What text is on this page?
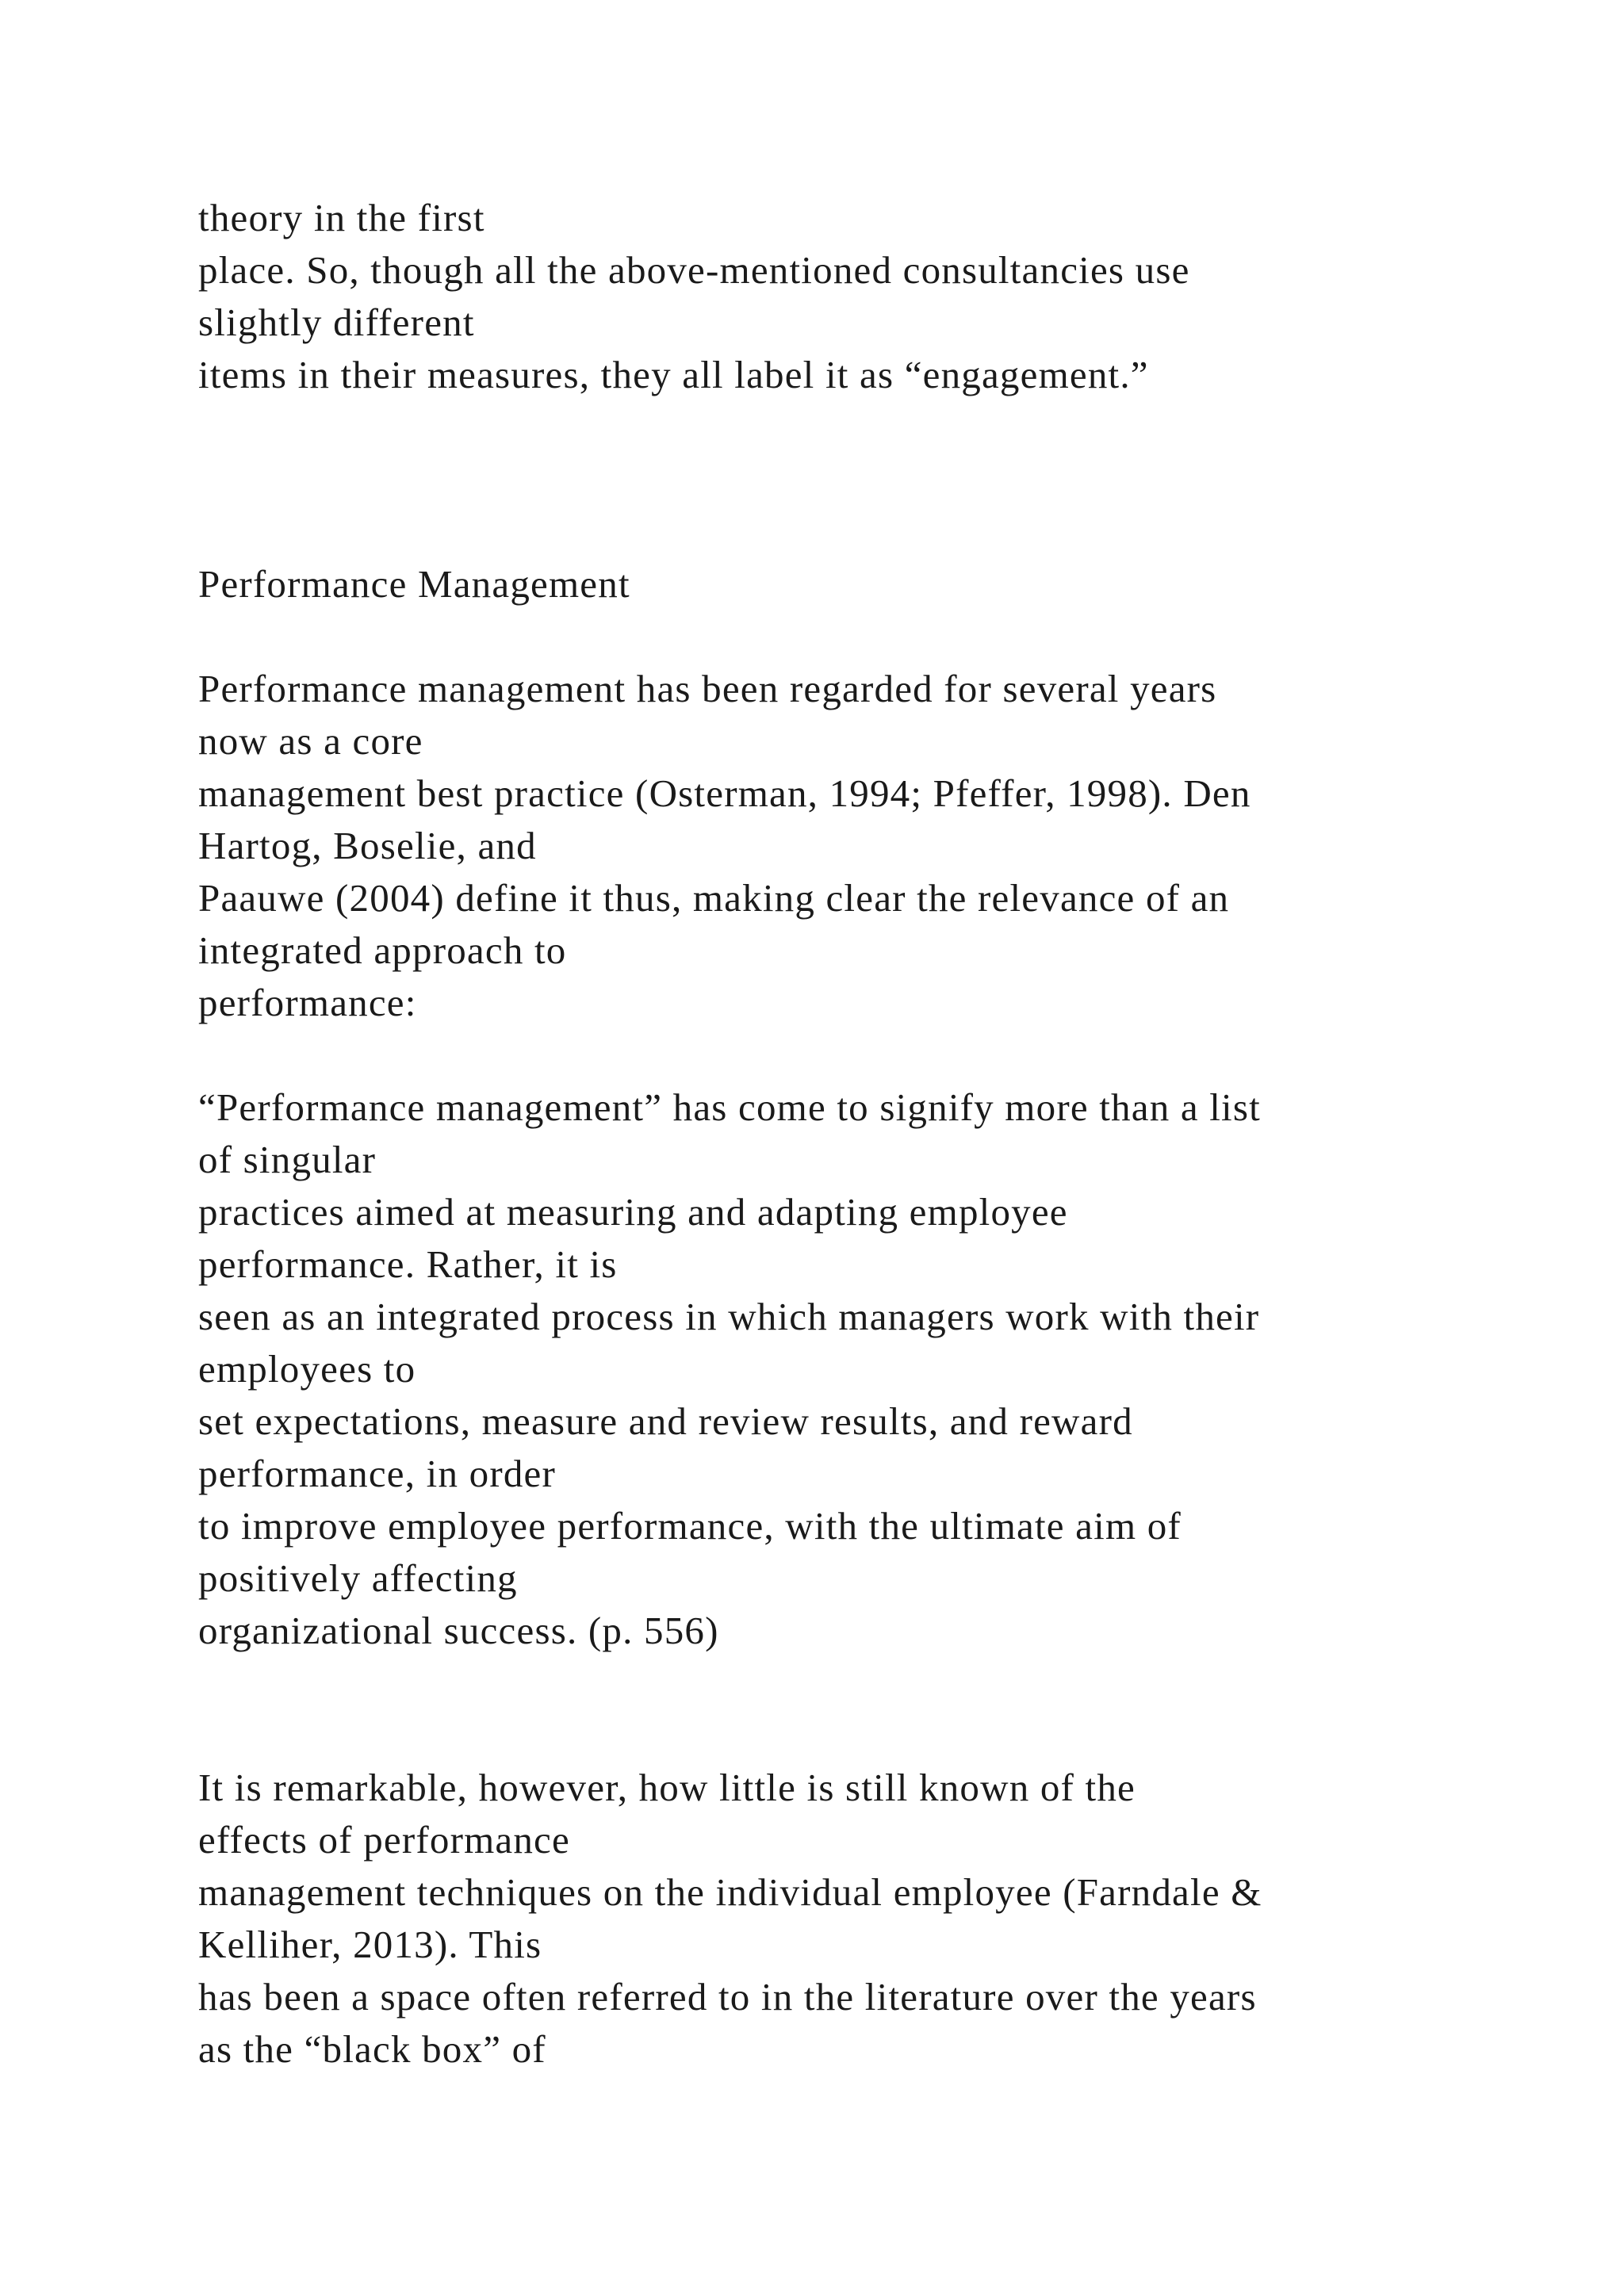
theory in the first
place. So, though all the above-mentioned consultancies use
slightly different
items in their measures, they all label it as “engagement.”
Performance Management
Performance management has been regarded for several years
now as a core
management best practice (Osterman, 1994; Pfeffer, 1998). Den
Hartog, Boselie, and
Paauwe (2004) define it thus, making clear the relevance of an
integrated approach to
performance:
“Performance management” has come to signify more than a list
of singular
practices aimed at measuring and adapting employee
performance. Rather, it is
seen as an integrated process in which managers work with their
employees to
set expectations, measure and review results, and reward
performance, in order
to improve employee performance, with the ultimate aim of
positively affecting
organizational success. (p. 556)
It is remarkable, however, how little is still known of the
effects of performance
management techniques on the individual employee (Farndale &
Kelliher, 2013). This
has been a space often referred to in the literature over the years
as the “black box” of
